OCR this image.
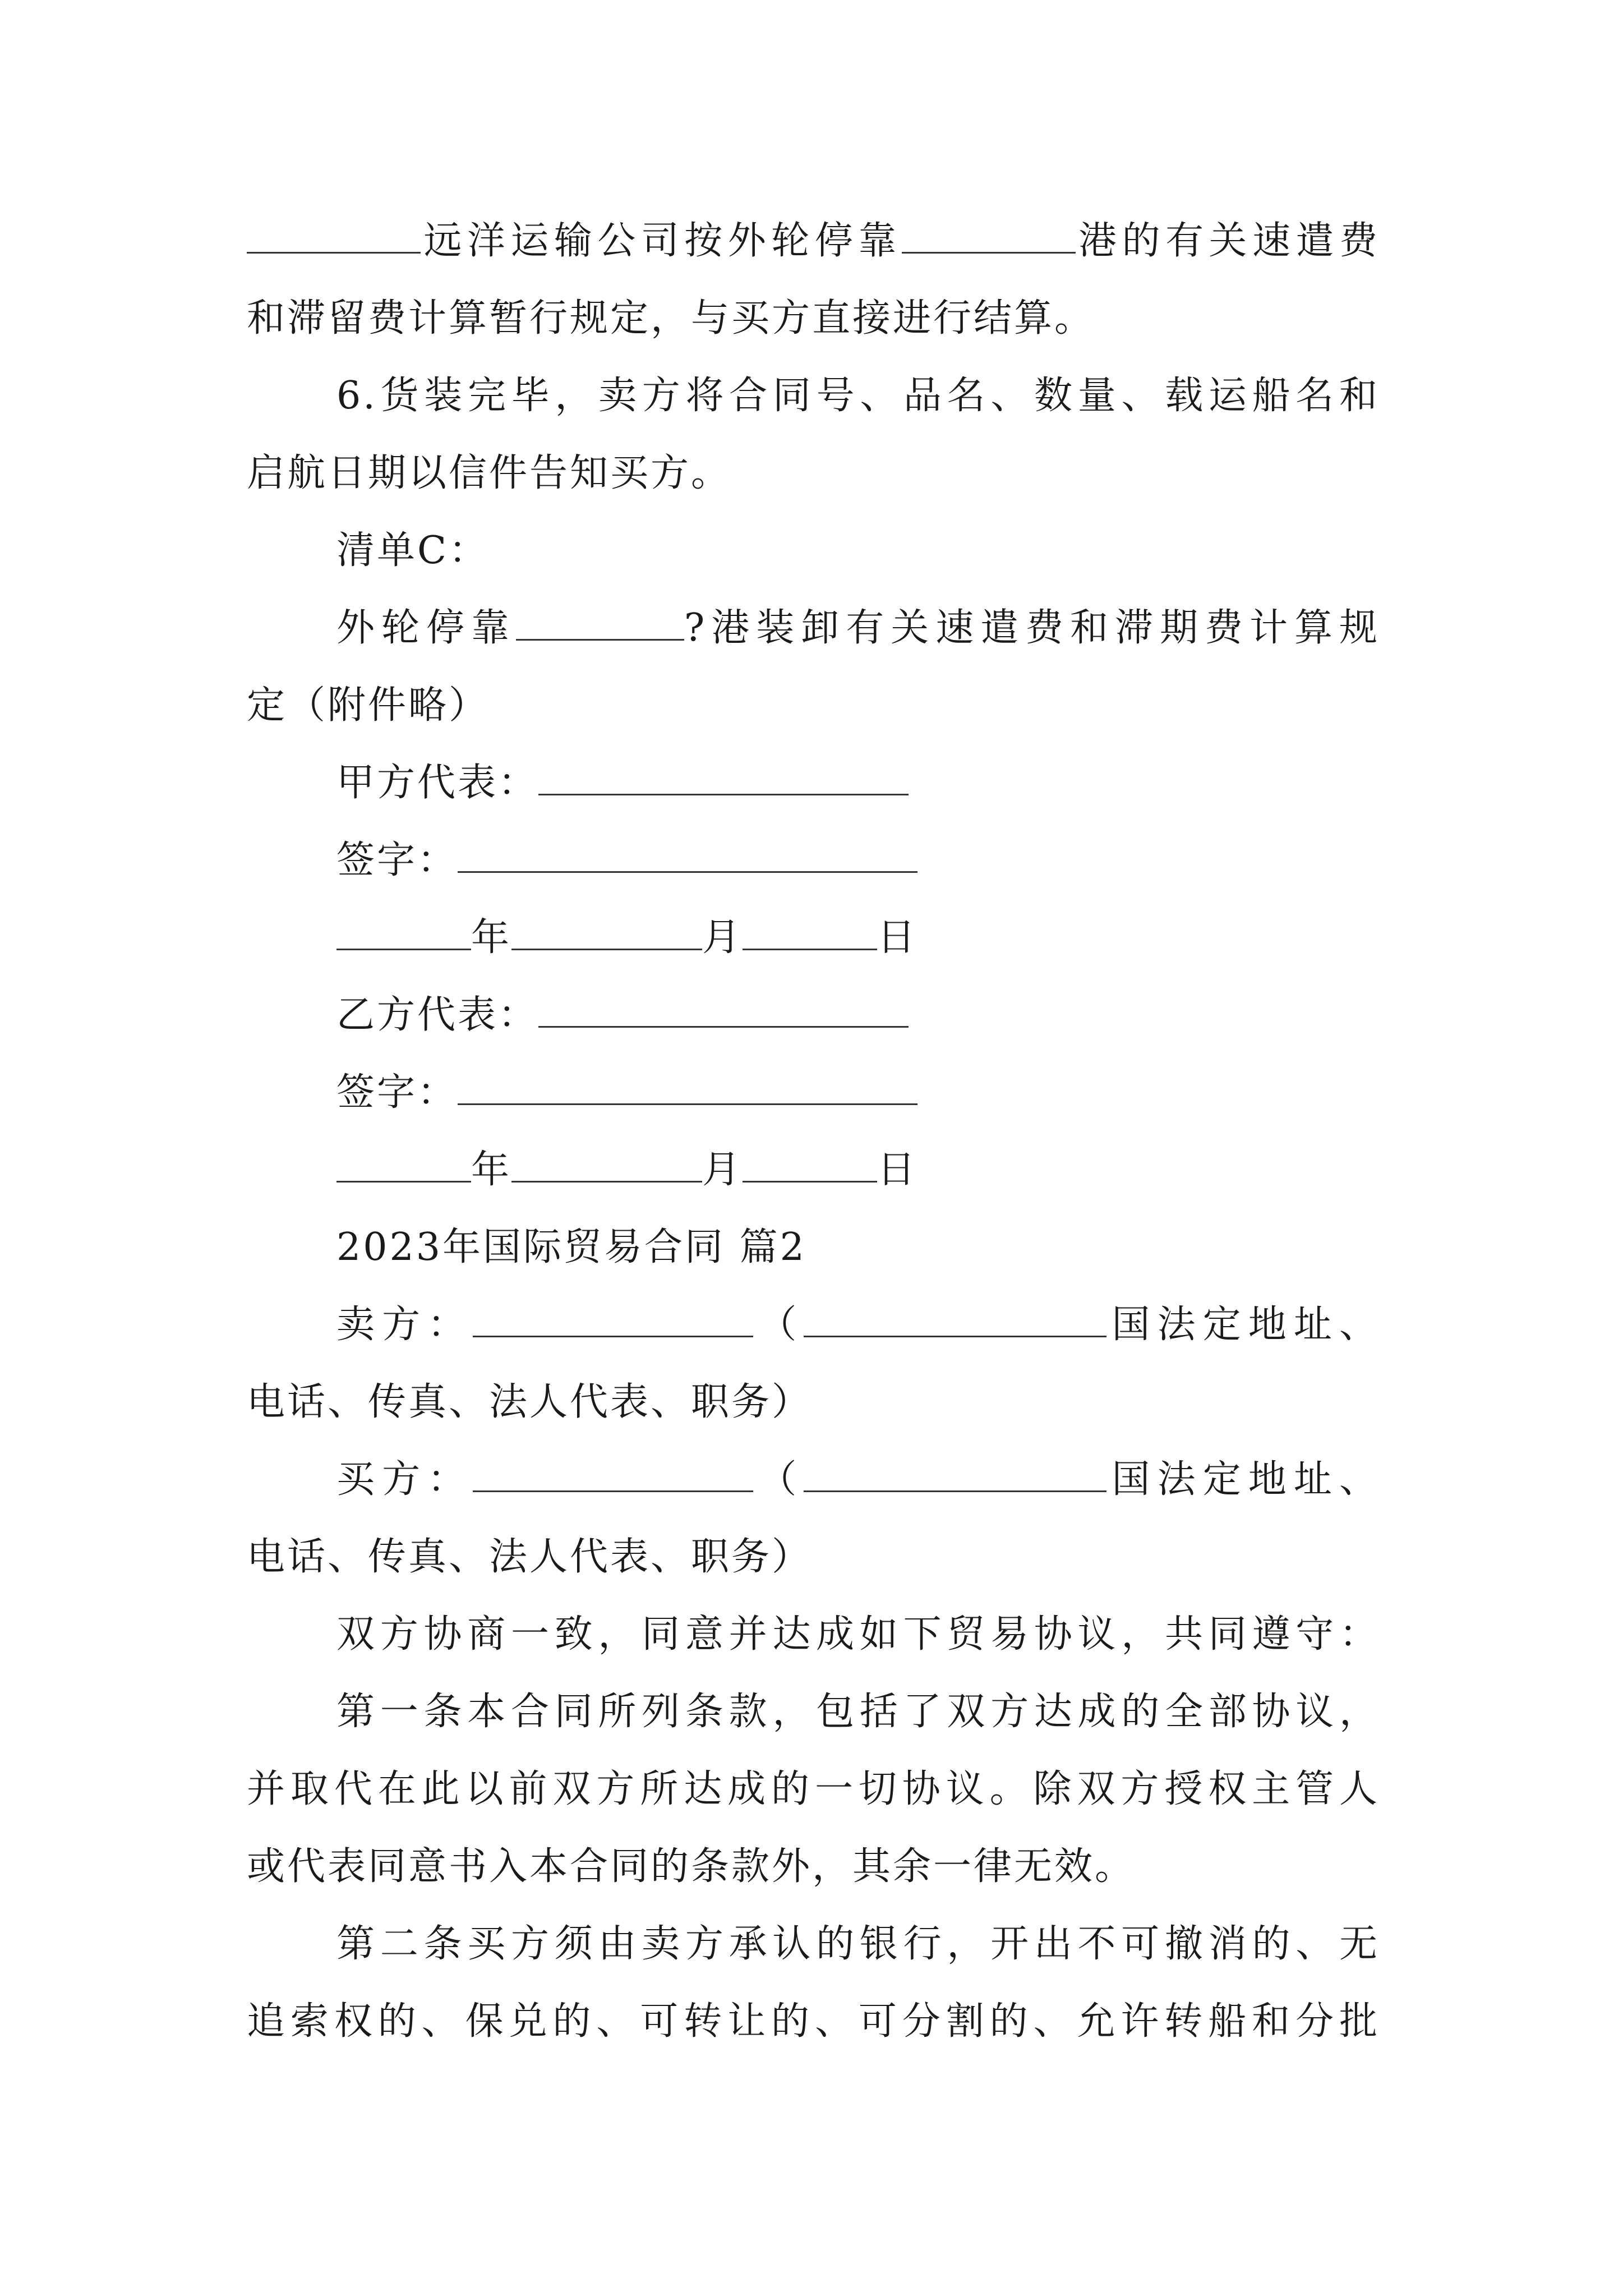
远洋运输公司按外轮停靠	港的有关速遣费
和滞留费计算暂行规定，与买方直接进行结算。
6.货装完毕，卖方将合同号、品名、数量、载运船名和
启航日期以信件告知买方。
清单C：
外轮停靠	?港装卸有关速遣费和滞期费计算规
定（附件略）
甲方代表：
签字：
年	月	日
乙方代表：
签字：
年	月	日
2023年国际贸易合同 篇2
卖方：	（	国法定地址、
电话、传真、法人代表、职务）
买方：	（	国法定地址、
电话、传真、法人代表、职务）
双方协商一致，同意并达成如下贸易协议，共同遵守：
第一条本合同所列条款，包括了双方达成的全部协议，
并取代在此以前双方所达成的一切协议。除双方授权主管人
或代表同意书入本合同的条款外，其余一律无效。
第二条买方须由卖方承认的银行，开出不可撤消的、无
追索权的、保兑的、可转让的、可分割的、允许转船和分批
